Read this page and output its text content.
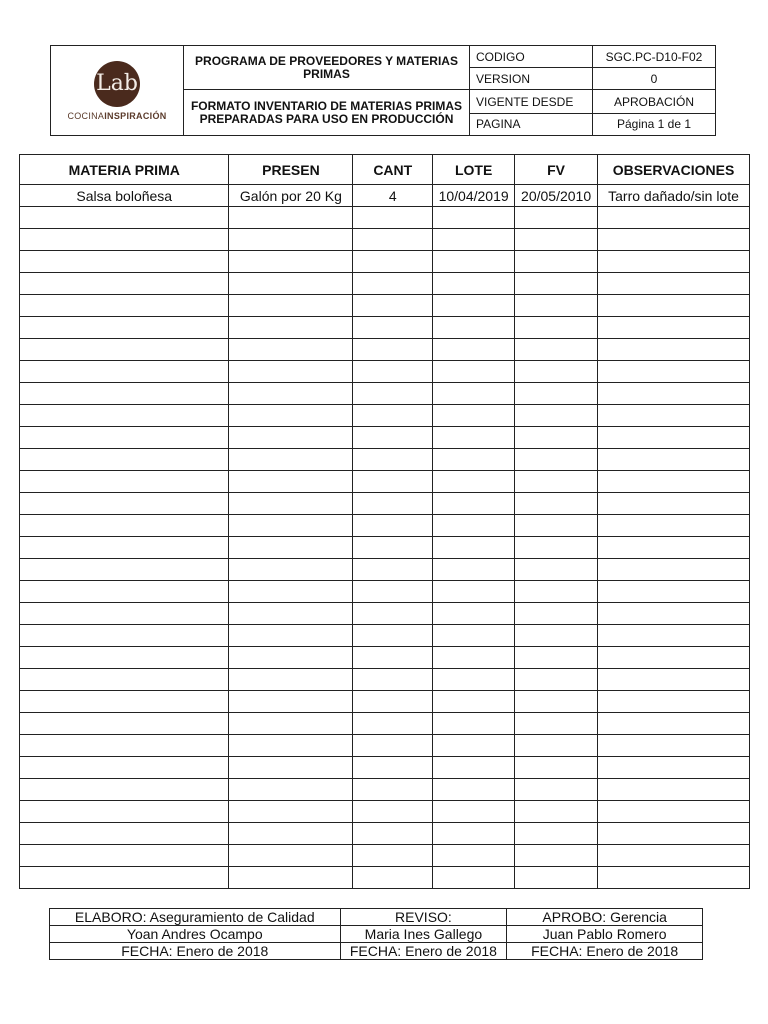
Lab
COCINAINSPIRACIÓN	PROGRAMA DE PROVEEDORES Y MATERIAS PRIMAS	CODIGO	SGC.PC-D10-F02
		VERSION	0
	FORMATO INVENTARIO DE MATERIAS PRIMAS PREPARADAS PARA USO EN PRODUCCIÓN	VIGENTE DESDE	APROBACIÓN
		PAGINA	Página 1 de 1
MATERIA PRIMA	PRESEN	CANT	LOTE	FV	OBSERVACIONES
Salsa boloñesa	Galón por 20 Kg	4	10/04/2019	20/05/2010	Tarro dañado/sin lote

ELABORO: Aseguramiento de Calidad	REVISO:	APROBO: Gerencia
Yoan Andres Ocampo	Maria Ines Gallego	Juan Pablo Romero
FECHA: Enero de 2018	FECHA: Enero de 2018	FECHA: Enero de 2018
